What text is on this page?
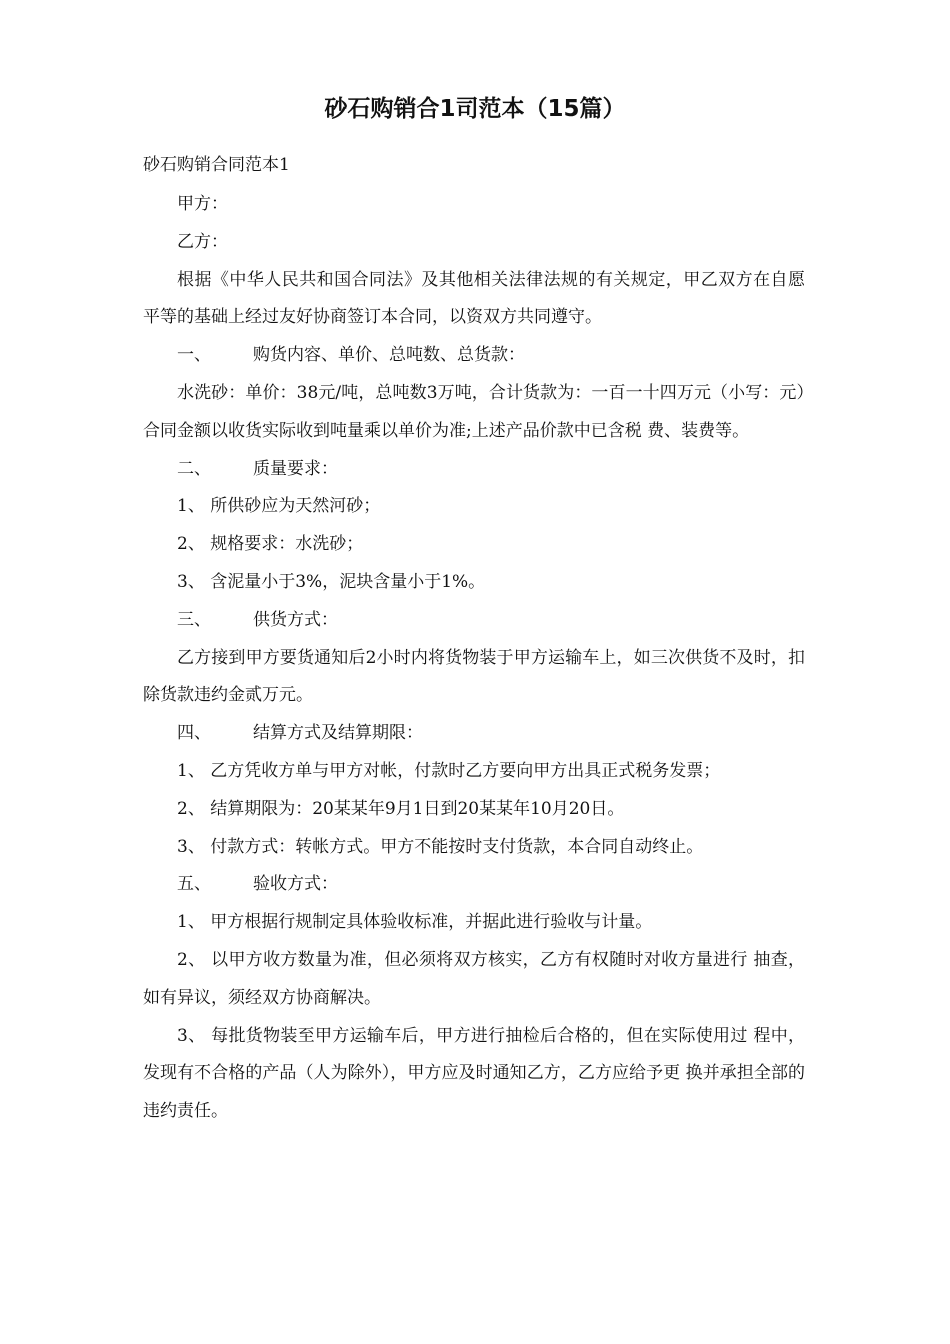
砂石购销合1司范本（15篇）
砂石购销合同范本1

甲方：

乙方：

根据《中华人民共和国合同法》及其他相关法律法规的有关规定，甲乙双方在自愿平等的基础上经过友好协商签订本合同，以资双方共同遵守。

一、 购货内容、单价、总吨数、总货款：

水洗砂：单价：38元/吨，总吨数3万吨，合计货款为：一百一十四万元（小写：元）合同金额以收货实际收到吨量乘以单价为准;上述产品价款中已含税 费、装费等。

二、 质量要求：

1、 所供砂应为天然河砂；

2、 规格要求：水洗砂；

3、 含泥量小于3%，泥块含量小于1%。

三、 供货方式：

乙方接到甲方要货通知后2小时内将货物装于甲方运输车上，如三次供货不及时，扣除货款违约金贰万元。

四、 结算方式及结算期限：

1、 乙方凭收方单与甲方对帐，付款时乙方要向甲方出具正式税务发票；

2、 结算期限为：20某某年9月1日到20某某年10月20日。

3、 付款方式：转帐方式。甲方不能按时支付货款，本合同自动终止。

五、 验收方式：

1、 甲方根据行规制定具体验收标准，并据此进行验收与计量。

2、 以甲方收方数量为准，但必须将双方核实，乙方有权随时对收方量进行 抽查，如有异议，须经双方协商解决。

3、 每批货物装至甲方运输车后，甲方进行抽检后合格的，但在实际使用过 程中，发现有不合格的产品（人为除外），甲方应及时通知乙方，乙方应给予更 换并承担全部的违约责任。
